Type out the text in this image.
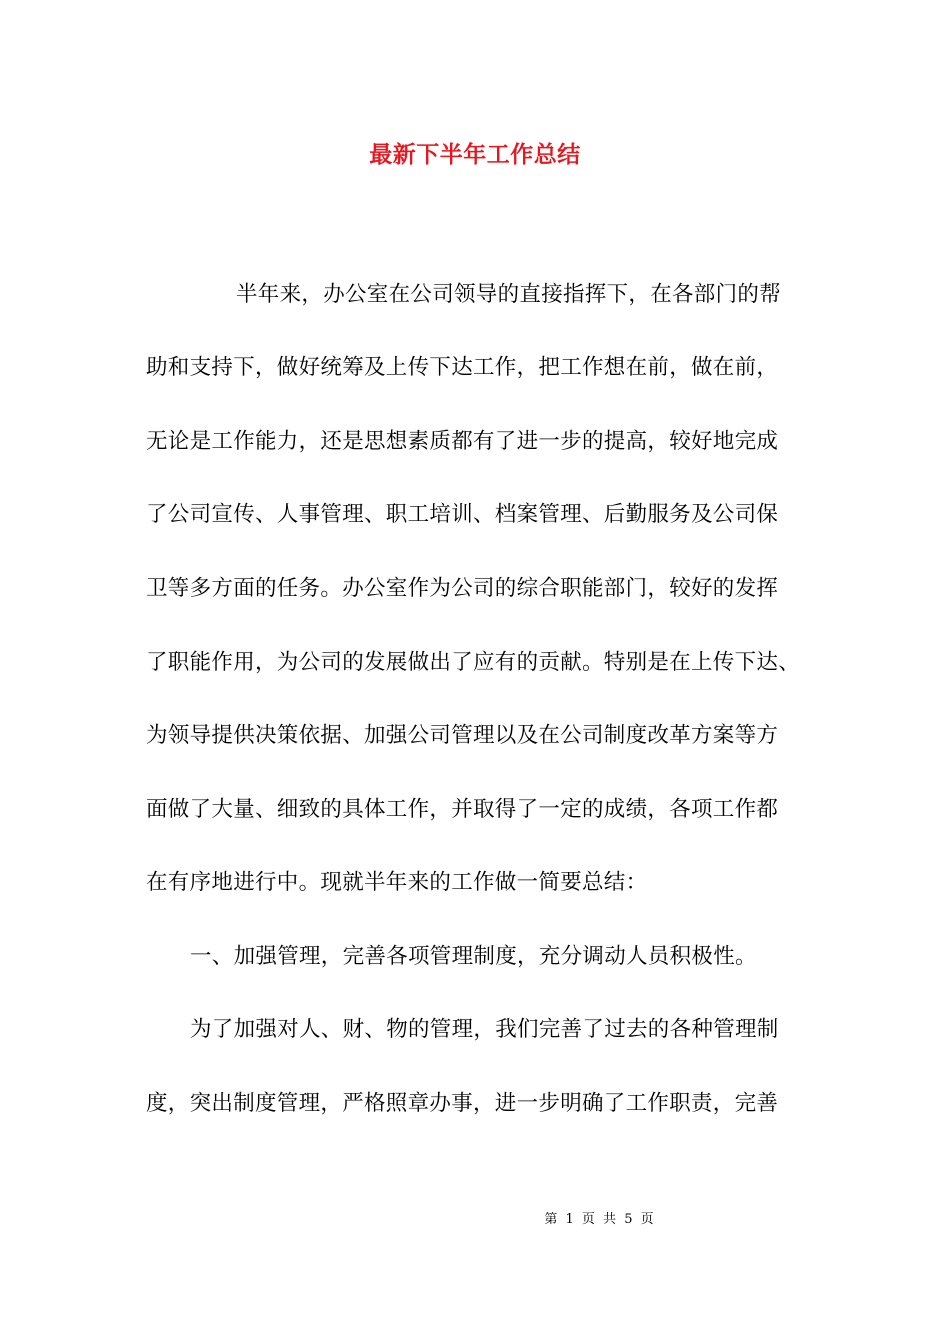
最新下半年工作总结
半年来，办公室在公司领导的直接指挥下，在各部门的帮
助和支持下，做好统筹及上传下达工作，把工作想在前，做在前，
无论是工作能力，还是思想素质都有了进一步的提高，较好地完成
了公司宣传、人事管理、职工培训、档案管理、后勤服务及公司保
卫等多方面的任务。办公室作为公司的综合职能部门，较好的发挥
了职能作用，为公司的发展做出了应有的贡献。特别是在上传下达、
为领导提供决策依据、加强公司管理以及在公司制度改革方案等方
面做了大量、细致的具体工作，并取得了一定的成绩，各项工作都
在有序地进行中。现就半年来的工作做一简要总结：
一、加强管理，完善各项管理制度，充分调动人员积极性。
为了加强对人、财、物的管理，我们完善了过去的各种管理制
度，突出制度管理，严格照章办事，进一步明确了工作职责，完善
第 1 页 共 5 页
